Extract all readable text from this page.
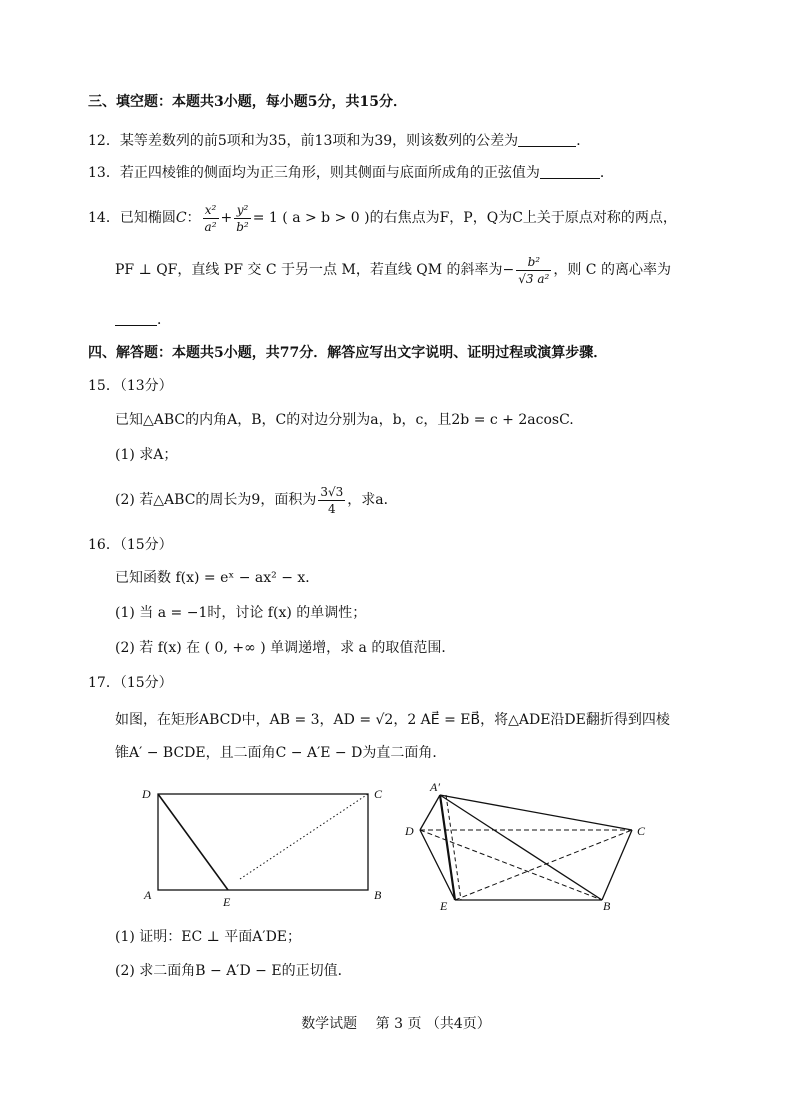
三、填空题：本题共3小题，每小题5分，共15分．
12．某等差数列的前5项和为35，前13项和为39，则该数列的公差为	．
13．若正四棱锥的侧面均为正三角形，则其侧面与底面所成角的正弦值为	．
14．已知椭圆C： $\frac{\text{x²}}{\text{a²}} + \frac{\text{y²}}{\text{b²}} = 1$ ( a > b > 0 )的右焦点为F，P，Q为C上关于原点对称的两点，
PF ⊥ QF，直线 PF 交 C 于另一点 M，若直线 QM 的斜率为− $\frac{\text{b²}}{\text{√3 a²}}$ ，则 C 的离心率为
．
四、解答题：本题共5小题，共77分．解答应写出文字说明、证明过程或演算步骤．
15．（13分）
已知△ABC的内角A，B，C的对边分别为a，b，c，且2b = c + 2acosC.
(1) 求A；
(2) 若△ABC的周长为9，面积为 $\frac{3√3}{4}$ ，求a．
16．（15分）
已知函数 f(x) = eˣ − ax² − x．
(1) 当 a = −1时，讨论 f(x) 的单调性；
(2) 若 f(x) 在 ( 0, +∞ ) 单调递增，求 a 的取值范围．
17．（15分）
如图，在矩形ABCD中，AB = 3，AD = √2，2 AE⃗ = EB⃗，将△ADE沿DE翻折得到四棱
锥A′ − BCDE，且二面角C − A′E − D为直二面角．
D	C
A	E	B
A′
D	C
E	B
(1) 证明：EC ⊥ 平面A′DE；
(2) 求二面角B − A′D − E的正切值．
数学试题　 第 3 页 （共4页）
